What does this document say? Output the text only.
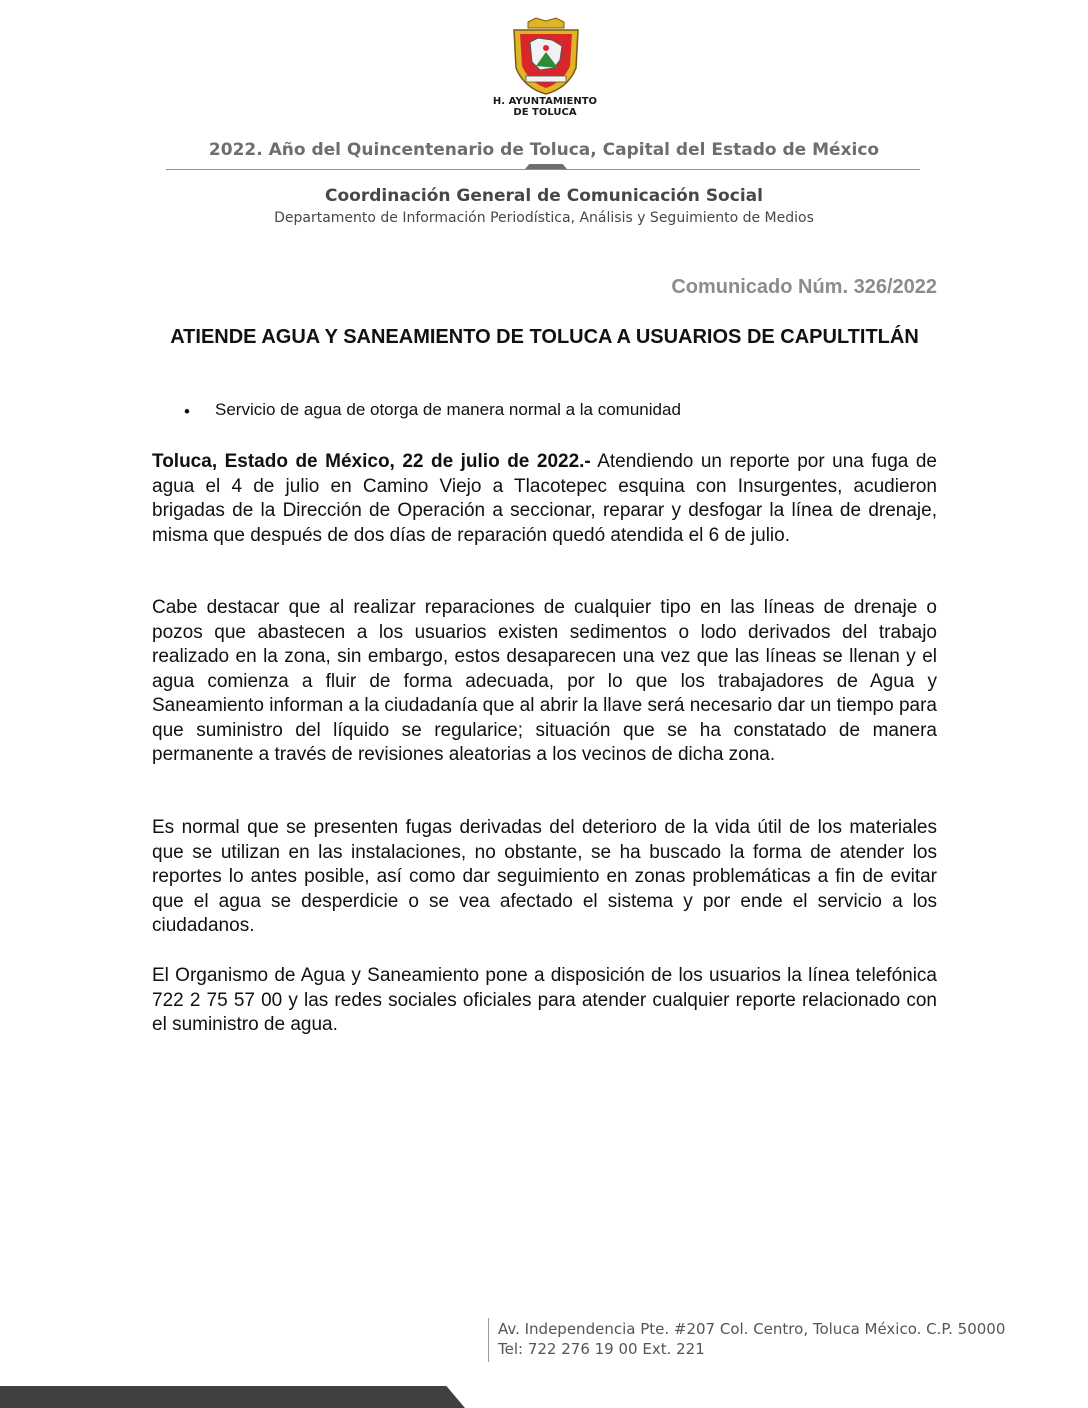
H. AYUNTAMIENTO
DE TOLUCA
2022. Año del Quincentenario de Toluca, Capital del Estado de México
Coordinación General de Comunicación Social
Departamento de Información Periodística, Análisis y Seguimiento de Medios
Comunicado Núm. 326/2022
ATIENDE AGUA Y SANEAMIENTO DE TOLUCA A USUARIOS DE CAPULTITLÁN
• Servicio de agua de otorga de manera normal a la comunidad
Toluca, Estado de México, 22 de julio de 2022.- Atendiendo un reporte por una fuga de agua el 4 de julio en Camino Viejo a Tlacotepec esquina con Insurgentes, acudieron brigadas de la Dirección de Operación a seccionar, reparar y desfogar la línea de drenaje, misma que después de dos días de reparación quedó atendida el 6 de julio.
Cabe destacar que al realizar reparaciones de cualquier tipo en las líneas de drenaje o pozos que abastecen a los usuarios existen sedimentos o lodo derivados del trabajo realizado en la zona, sin embargo, estos desaparecen una vez que las líneas se llenan y el agua comienza a fluir de forma adecuada, por lo que los trabajadores de Agua y Saneamiento informan a la ciudadanía que al abrir la llave será necesario dar un tiempo para que suministro del líquido se regularice; situación que se ha constatado de manera permanente a través de revisiones aleatorias a los vecinos de dicha zona.
Es normal que se presenten fugas derivadas del deterioro de la vida útil de los materiales que se utilizan en las instalaciones, no obstante, se ha buscado la forma de atender los reportes lo antes posible, así como dar seguimiento en zonas problemáticas a fin de evitar que el agua se desperdicie o se vea afectado el sistema y por ende el servicio a los ciudadanos.
El Organismo de Agua y Saneamiento pone a disposición de los usuarios la línea telefónica 722 2 75 57 00 y las redes sociales oficiales para atender cualquier reporte relacionado con el suministro de agua.
Av. Independencia Pte. #207 Col. Centro, Toluca México. C.P. 50000
Tel: 722 276 19 00 Ext. 221
